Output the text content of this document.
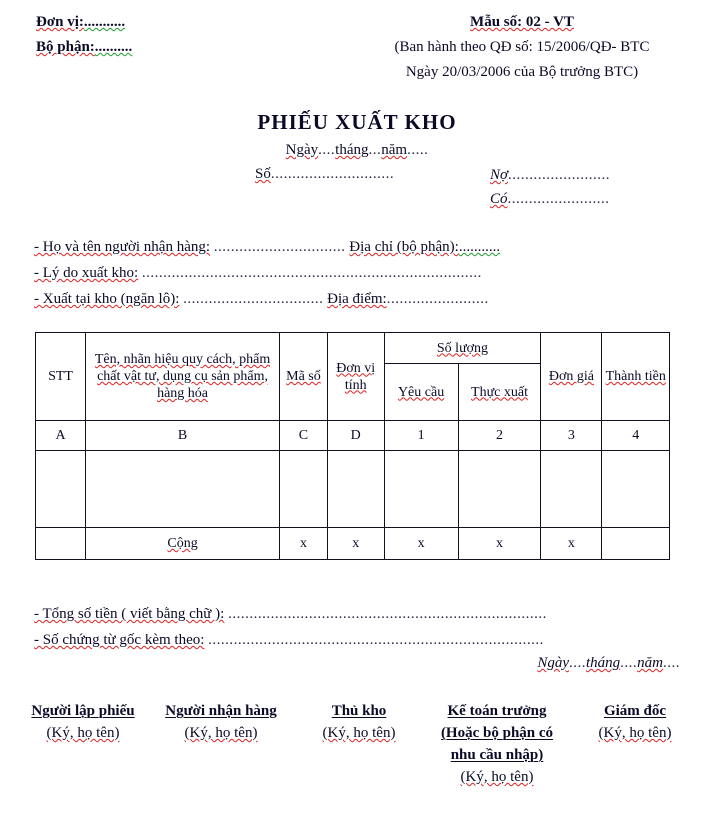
Đơn vị:...........
Bộ phận:..........
Mẫu số: 02 - VT
(Ban hành theo QĐ số: 15/2006/QĐ- BTC
Ngày 20/03/2006 của Bộ trưởng BTC)
PHIẾU XUẤT KHO
Ngày....tháng...năm.....
Số.............................	Nợ........................
Có........................
- Họ và tên người nhận hàng: ............................... Địa chỉ (bộ phận):...........
- Lý do xuất kho: ................................................................................
- Xuất tại kho (ngăn lô): ................................. Địa điểm:........................
STT	Tên, nhãn hiệu quy cách, phẩm chất vật tư, dụng cụ sản phẩm, hàng hóa	Mã số	Đơn vị tính	Số lượng		Đơn giá	Thành tiền
				Yêu cầu	Thực xuất		
A	B	C	D	1	2	3	4

	Cộng	x	x	x	x	x	
- Tổng số tiền ( viết bằng chữ ): ...........................................................................
- Số chứng từ gốc kèm theo: ...............................................................................
Ngày....tháng....năm....
Người lập phiếu
(Ký, họ tên)
Người nhận hàng
(Ký, họ tên)
Thủ kho
(Ký, họ tên)
Kế toán trưởng
(Hoặc bộ phận có nhu cầu nhập)
(Ký, họ tên)
Giám đốc
(Ký, họ tên)
